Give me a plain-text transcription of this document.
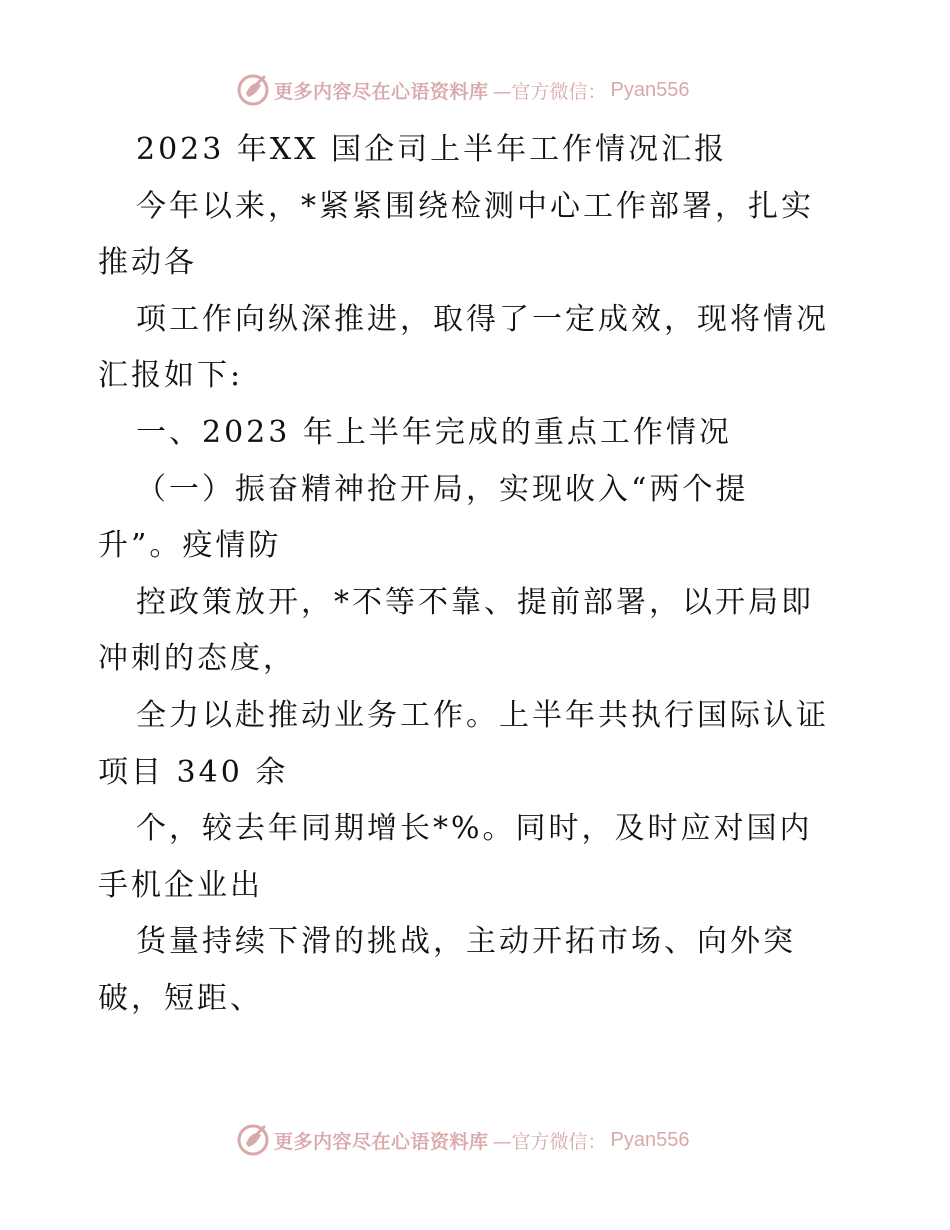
更多内容尽在心语资料库 —官方微信： Pyan556
2023 年XX 国企司上半年工作情况汇报
今年以来，*紧紧围绕检测中心工作部署，扎实
推动各
项工作向纵深推进，取得了一定成效，现将情况
汇报如下:
一、2023 年上半年完成的重点工作情况
（一）振奋精神抢开局，实现收入“两个提
升”。疫情防
控政策放开，*不等不靠、提前部署，以开局即
冲刺的态度，
全力以赴推动业务工作。上半年共执行国际认证
项目 340 余
个，较去年同期增长*%。同时，及时应对国内
手机企业出
货量持续下滑的挑战，主动开拓市场、向外突
破，短距、
更多内容尽在心语资料库 —官方微信： Pyan556
